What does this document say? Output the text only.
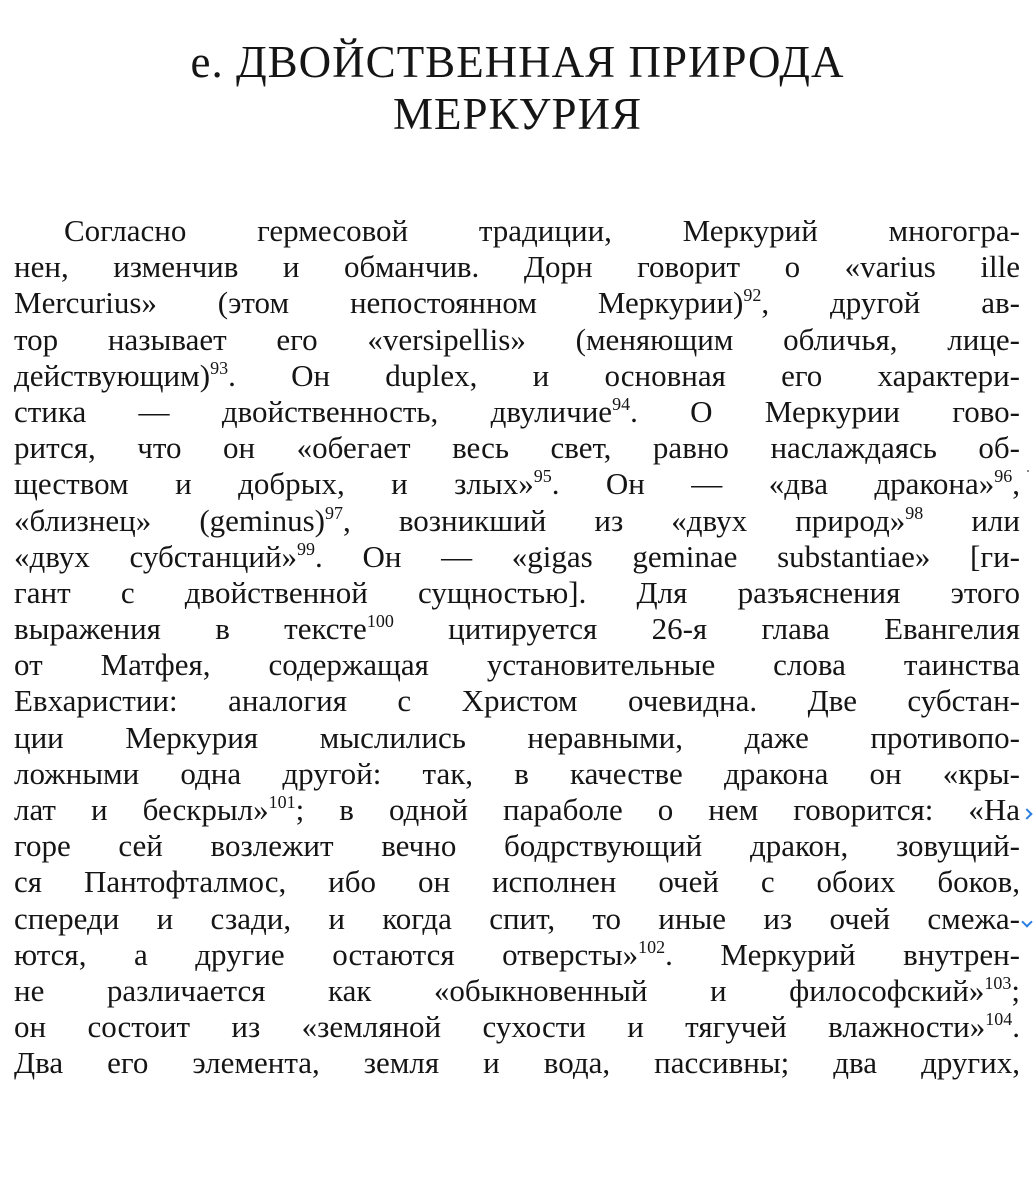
е. ДВОЙСТВЕННАЯ ПРИРОДА
МЕРКУРИЯ
Согласно гермесовой традиции, Меркурий многогра-
нен, изменчив и обманчив. Дорн говорит о «varius ille
Mercurius» (этом непостоянном Меркурии)$^{92}$, другой ав-
тор называет его «versipellis» (меняющим обличья, лице-
действующим)$^{93}$. Он duplex, и основная его характери-
стика — двойственность, двуличие$^{94}$. О Меркурии гово-
рится, что он «обегает весь свет, равно наслаждаясь об-
ществом и добрых, и злых»$^{95}$. Он — «два дракона»$^{96}$,
«близнец» (geminus)$^{97}$, возникший из «двух природ»$^{98}$ или
«двух субстанций»$^{99}$. Он — «gigas geminae substantiae» [ги-
гант с двойственной сущностью]. Для разъяснения этого
выражения в тексте$^{100}$ цитируется 26-я глава Евангелия
от Матфея, содержащая установительные слова таинства
Евхаристии: аналогия с Христом очевидна. Две субстан-
ции Меркурия мыслились неравными, даже противопо-
ложными одна другой: так, в качестве дракона он «кры-
лат и бескрыл»$^{101}$; в одной параболе о нем говорится: «На
горе сей возлежит вечно бодрствующий дракон, зовущий-
ся Пантофталмос, ибо он исполнен очей с обоих боков,
спереди и сзади, и когда спит, то иные из очей смежа-
ются, а другие остаются отверсты»$^{102}$. Меркурий внутрен-
не различается как «обыкновенный и философский»$^{103}$;
он состоит из «земляной сухости и тягучей влажности»$^{104}$.
Два его элемента, земля и вода, пассивны; два других,
